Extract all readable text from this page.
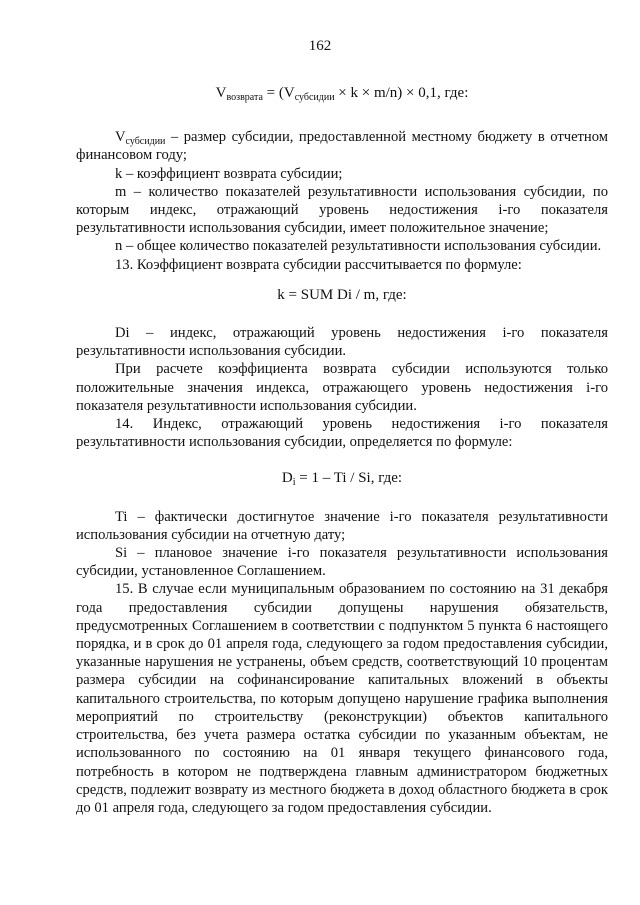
162
$V_{возврата} = (V_{субсидии} \times k \times m/n) \times 0,1$, где:

$V_{субсидии}$ – размер субсидии, предоставленной местному бюджету в отчетном финансовом году;

k – коэффициент возврата субсидии;

m – количество показателей результативности использования субсидии, по которым индекс, отражающий уровень недостижения i-го показателя результативности использования субсидии, имеет положительное значение;

n – общее количество показателей результативности использования субсидии.

13. Коэффициент возврата субсидии рассчитывается по формуле:

k = SUM Di / m, где:

Di – индекс, отражающий уровень недостижения i-го показателя результативности использования субсидии.

При расчете коэффициента возврата субсидии используются только положительные значения индекса, отражающего уровень недостижения i-го показателя результативности использования субсидии.

14. Индекс, отражающий уровень недостижения i-го показателя результативности использования субсидии, определяется по формуле:

$D_i = 1 - Ti / Si$, где:

Ti – фактически достигнутое значение i-го показателя результативности использования субсидии на отчетную дату;

Si – плановое значение i-го показателя результативности использования субсидии, установленное Соглашением.

15. В случае если муниципальным образованием по состоянию на 31 декабря года предоставления субсидии допущены нарушения обязательств, предусмотренных Соглашением в соответствии с подпунктом 5 пункта 6 настоящего порядка, и в срок до 01 апреля года, следующего за годом предоставления субсидии, указанные нарушения не устранены, объем средств, соответствующий 10 процентам размера субсидии на софинансирование капитальных вложений в объекты капитального строительства, по которым допущено нарушение графика выполнения мероприятий по строительству (реконструкции) объектов капитального строительства, без учета размера остатка субсидии по указанным объектам, не использованного по состоянию на 01 января текущего финансового года, потребность в котором не подтверждена главным администратором бюджетных средств, подлежит возврату из местного бюджета в доход областного бюджета в срок до 01 апреля года, следующего за годом предоставления субсидии.
